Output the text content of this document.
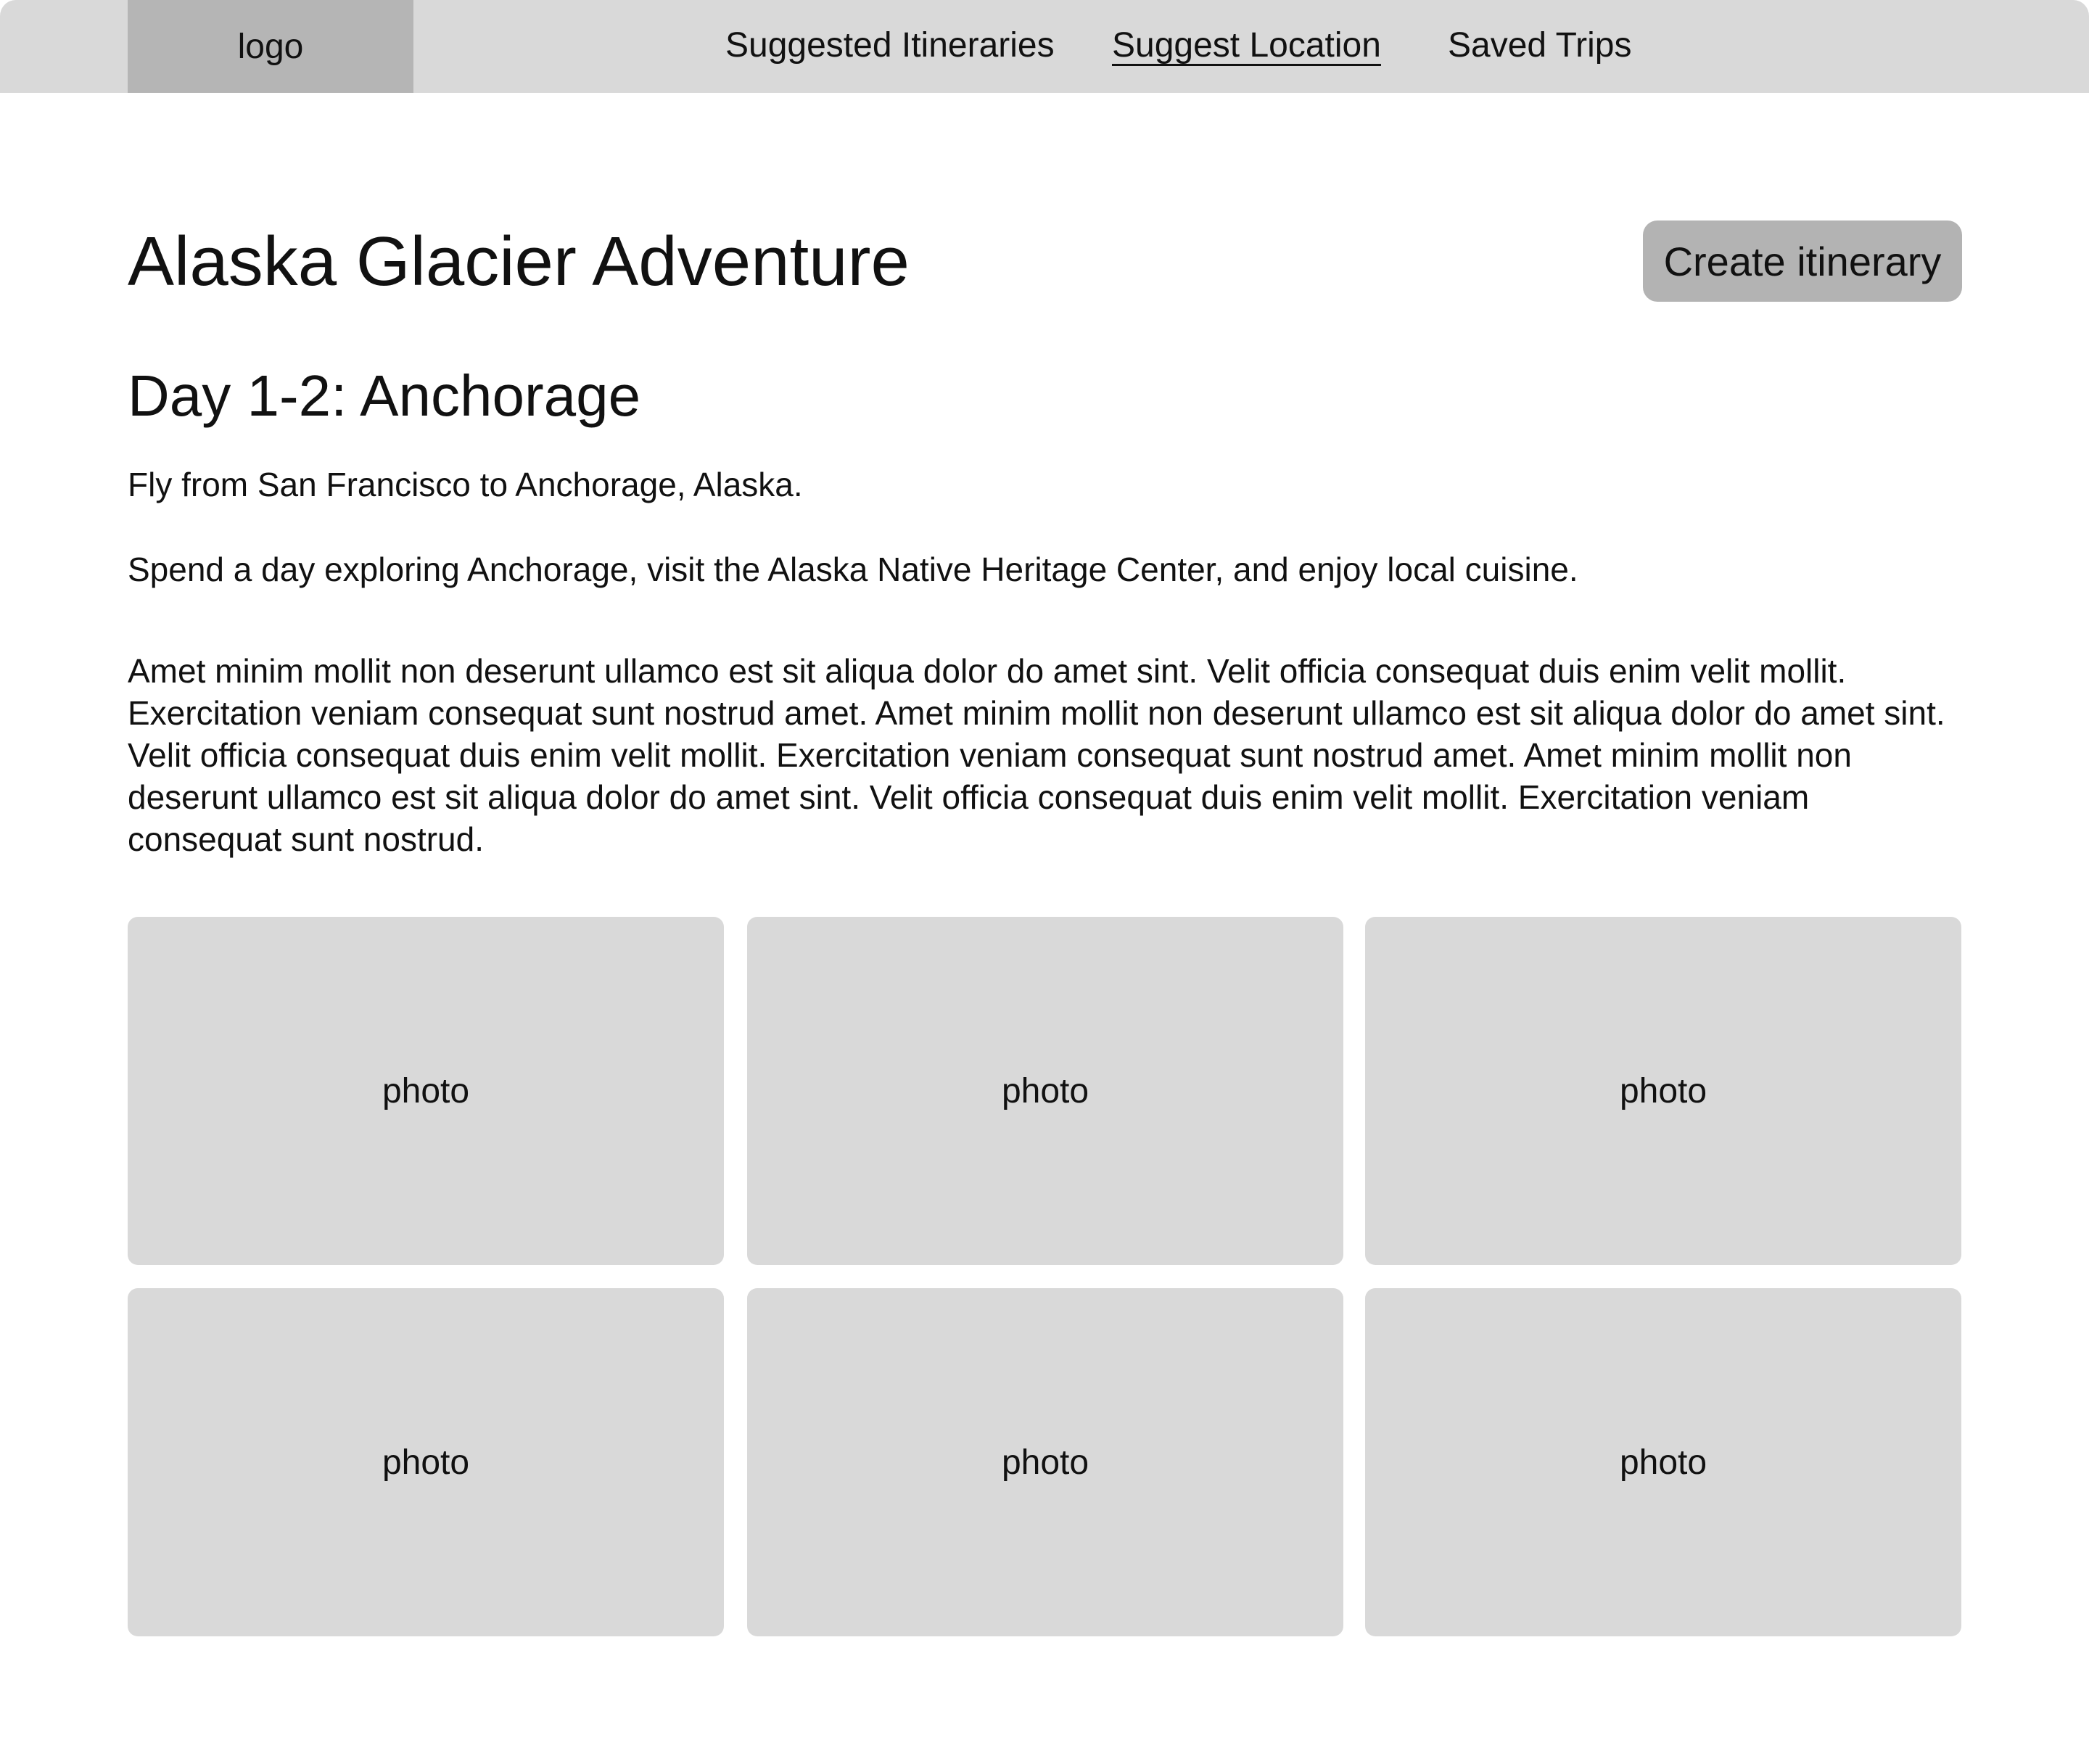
logo	Suggested Itineraries Suggest Location Saved Trips
Alaska Glacier Adventure	Create itinerary
Day 1-2: Anchorage

Fly from San Francisco to Anchorage, Alaska.

Spend a day exploring Anchorage, visit the Alaska Native Heritage Center, and enjoy local cuisine.

Amet minim mollit non deserunt ullamco est sit aliqua dolor do amet sint. Velit officia consequat duis enim velit mollit. Exercitation veniam consequat sunt nostrud amet. Amet minim mollit non deserunt ullamco est sit aliqua dolor do amet sint. Velit officia consequat duis enim velit mollit. Exercitation veniam consequat sunt nostrud amet. Amet minim mollit non deserunt ullamco est sit aliqua dolor do amet sint. Velit officia consequat duis enim velit mollit. Exercitation veniam consequat sunt nostrud.

photo	photo	photo
photo	photo	photo
